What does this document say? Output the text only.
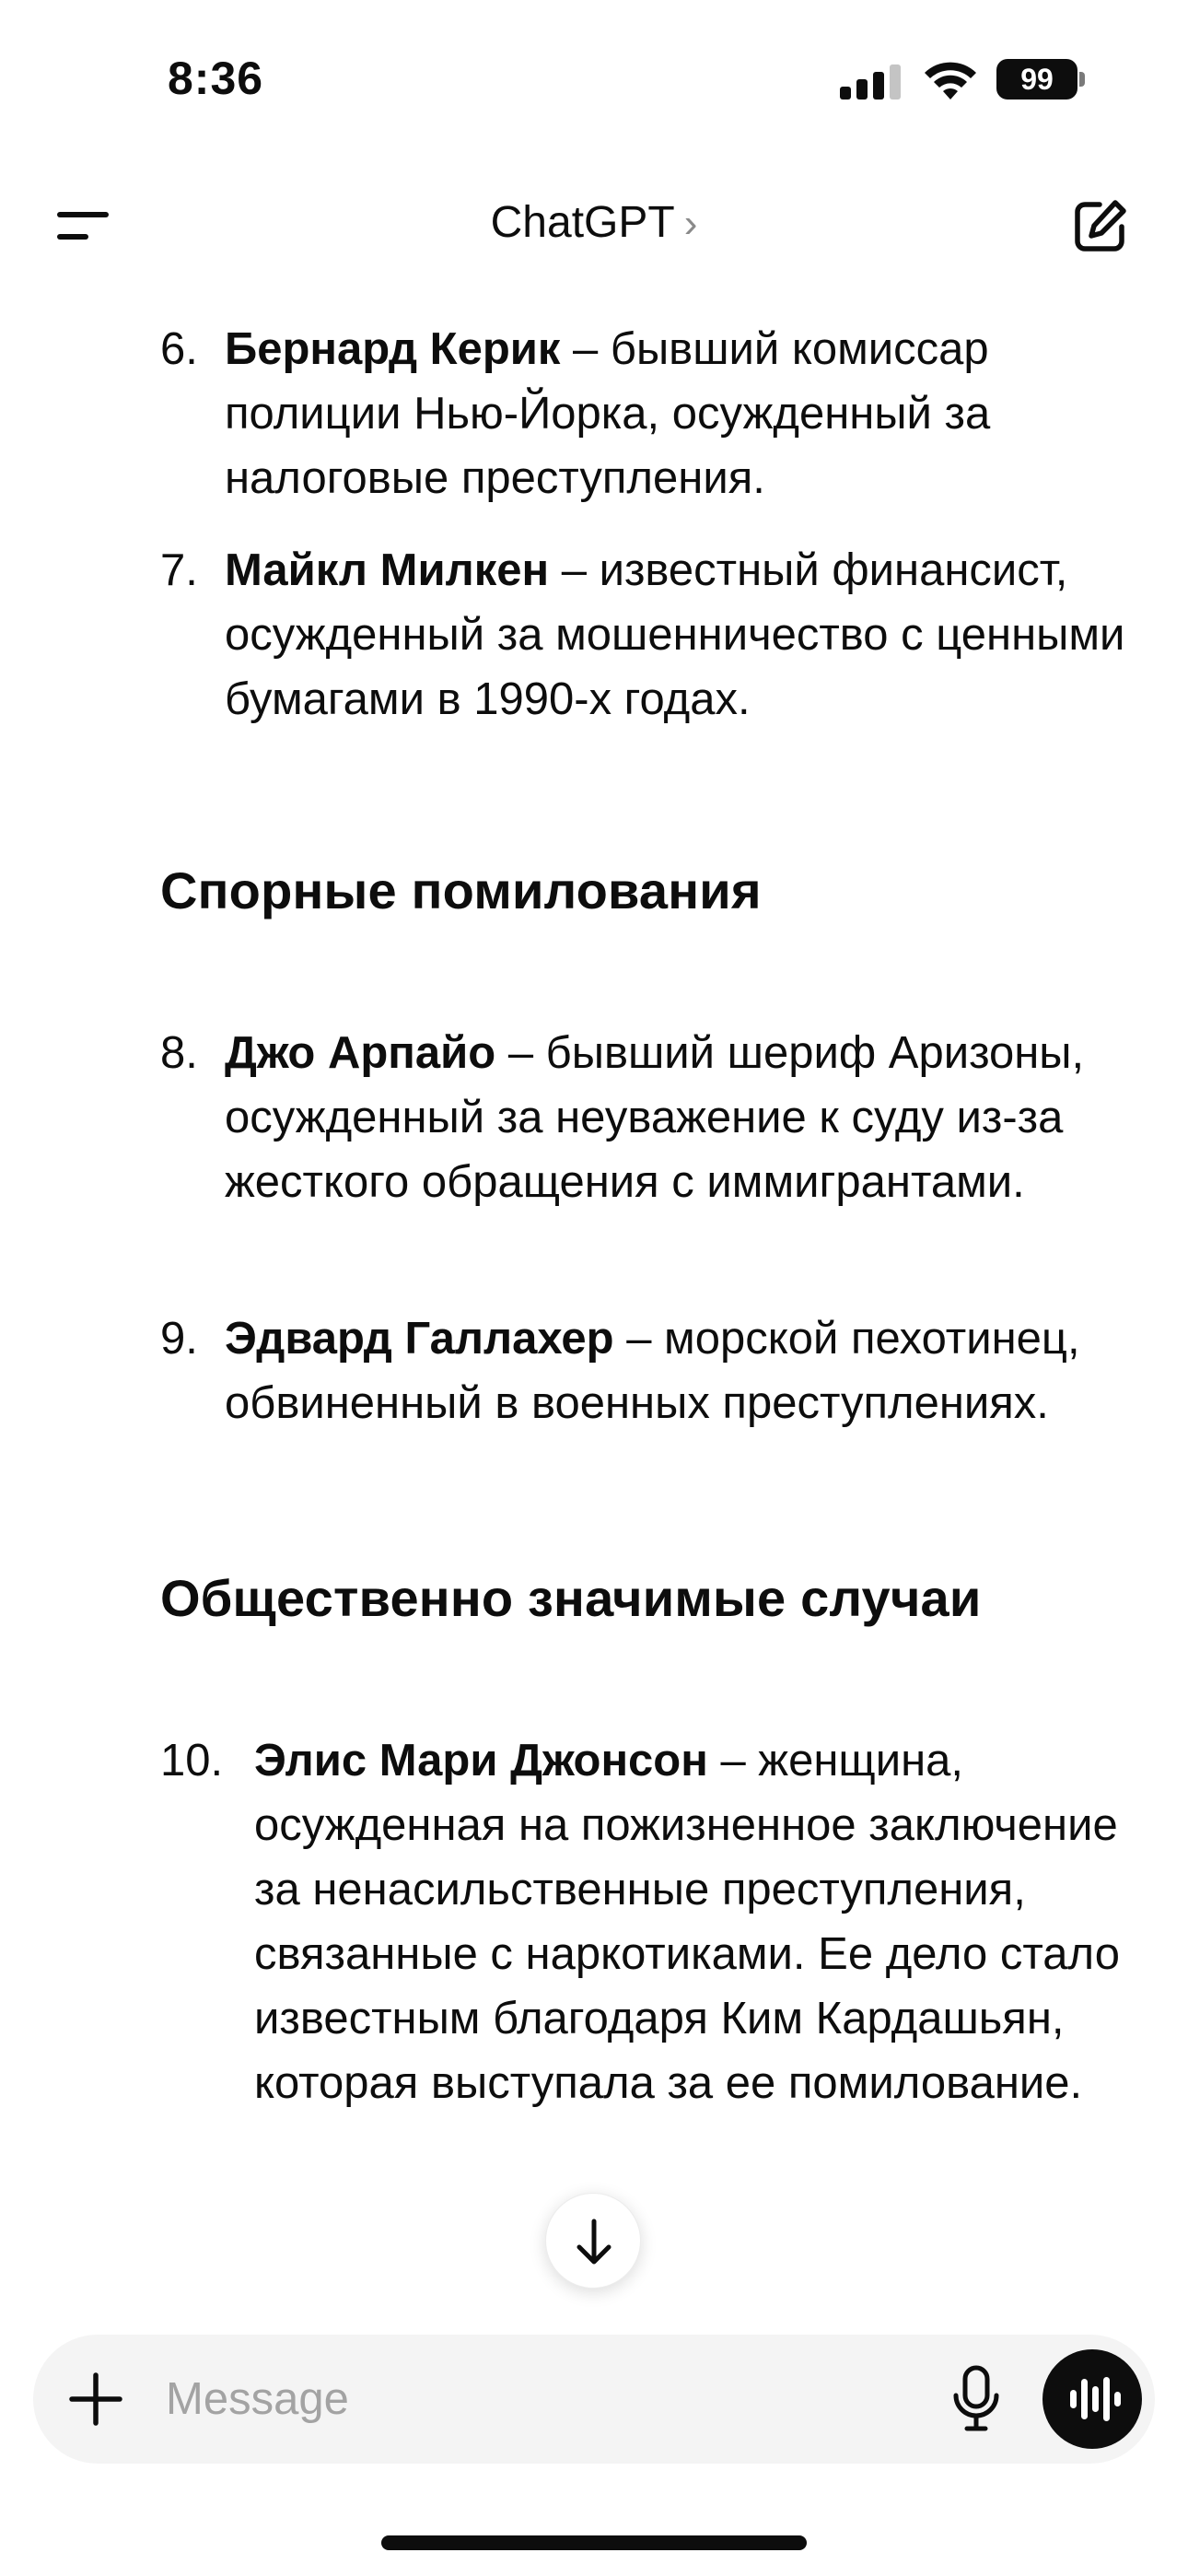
8:36	99
ChatGPT ›
6. Бернард Керик – бывший комиссар полиции Нью-Йорка, осужденный за налоговые преступления.
7. Майкл Милкен – известный финансист, осужденный за мошенничество с ценными бумагами в 1990-х годах.
Спорные помилования
8. Джо Арпайо – бывший шериф Аризоны, осужденный за неуважение к суду из-за жесткого обращения с иммигрантами.
9. Эдвард Галлахер – морской пехотинец, обвиненный в военных преступлениях.
Общественно значимые случаи
10. Элис Мари Джонсон – женщина, осужденная на пожизненное заключение за ненасильственные преступления, связанные с наркотиками. Ее дело стало известным благодаря Ким Кардашьян, которая выступала за ее помилование.
Message
